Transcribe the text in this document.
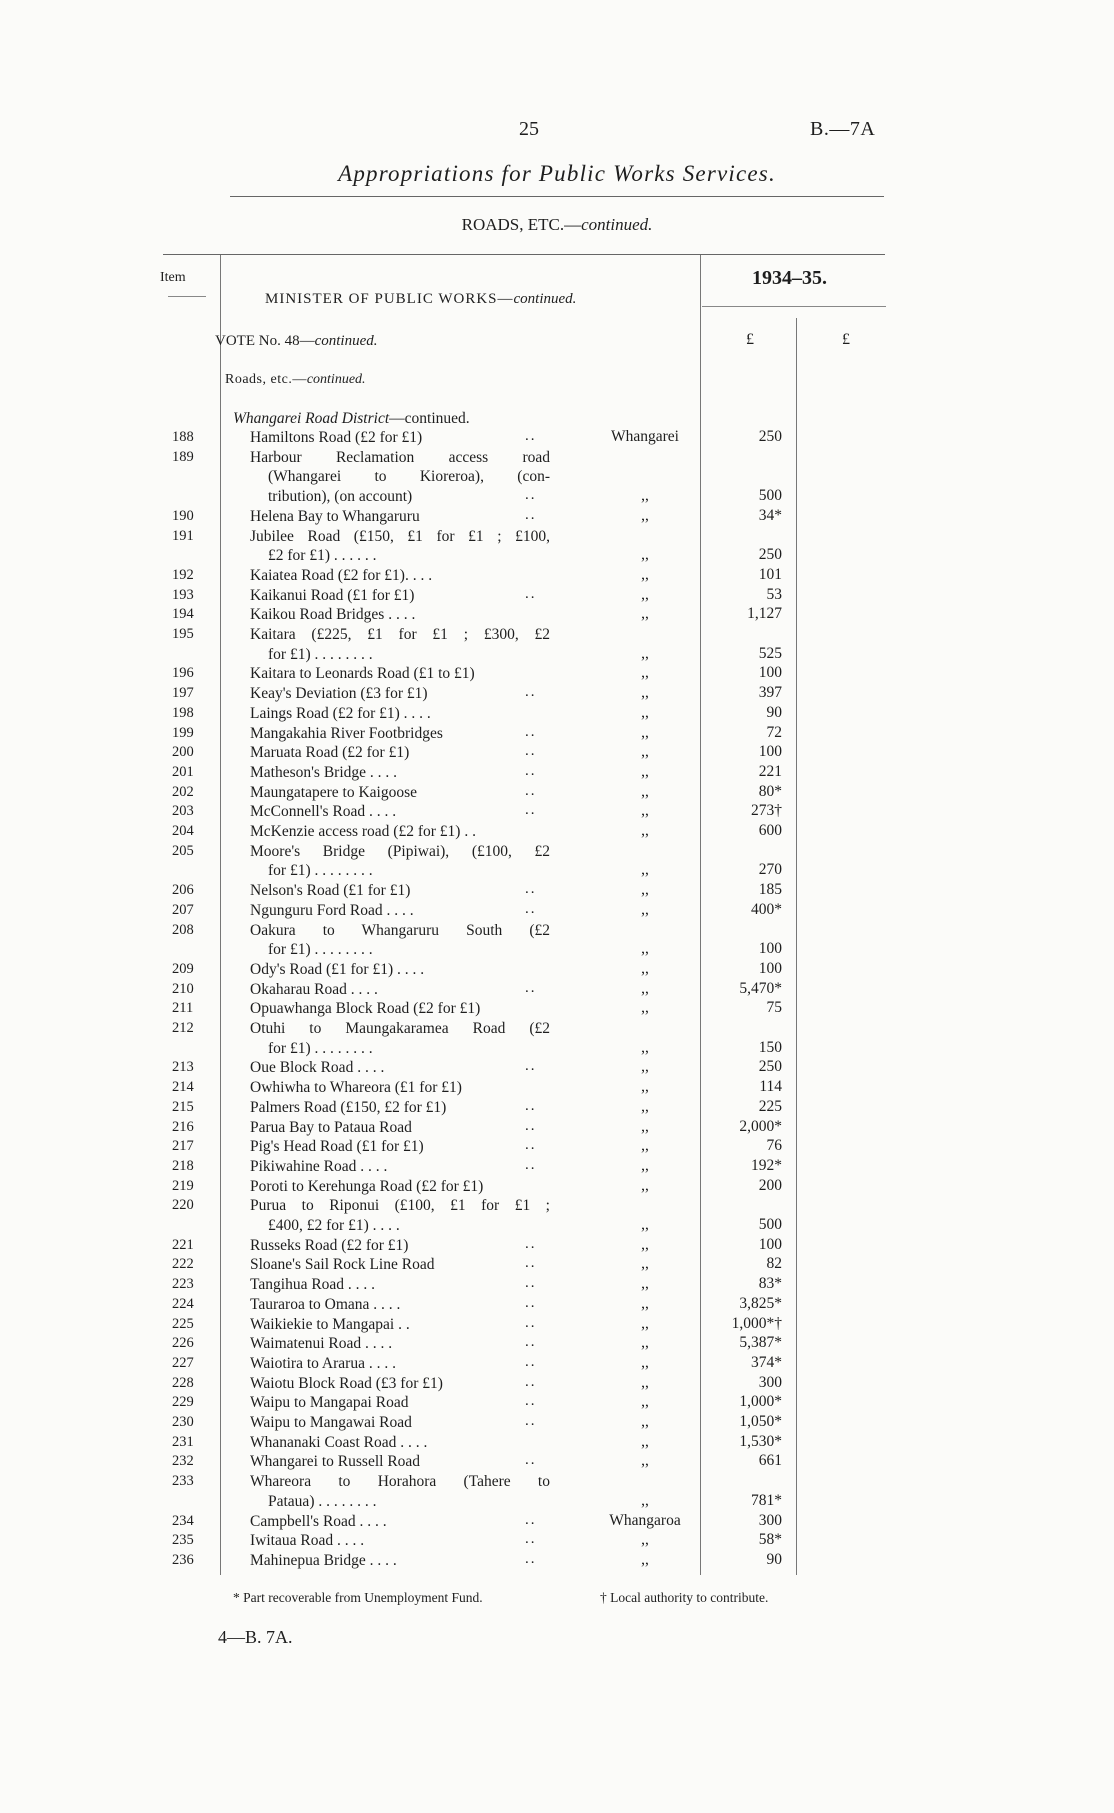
25	B.—7A
Appropriations for Public Works Services.
ROADS, ETC.—continued.
Item	1934–35.
MINISTER OF PUBLIC WORKS—continued.
VOTE No. 48—continued.	£	£
Roads, etc.—continued.
Whangarei Road District—continued.
188	Hamiltons Road (£2 for £1)	..	Whangarei	250
189	Harbour Reclamation access road
(Whangarei to Kioreroa), (con-
tribution), (on account)	..	,,	500
190	Helena Bay to Whangaruru	..	,,	34*
191	Jubilee Road (£150, £1 for £1 ; £100,
£2 for £1) . . . . . .	,,	250
192	Kaiatea Road (£2 for £1). . . .	,,	101
193	Kaikanui Road (£1 for £1)	..	,,	53
194	Kaikou Road Bridges . . . .	,,	1,127
195	Kaitara (£225, £1 for £1 ; £300, £2
for £1) . . . . . . . .	,,	525
196	Kaitara to Leonards Road (£1 to £1)	,,	100
197	Keay's Deviation (£3 for £1)	..	,,	397
198	Laings Road (£2 for £1) . . . .	,,	90
199	Mangakahia River Footbridges	..	,,	72
200	Maruata Road (£2 for £1)	..	,,	100
201	Matheson's Bridge . . . .	..	,,	221
202	Maungatapere to Kaigoose	..	,,	80*
203	McConnell's Road . . . .	..	,,	273†
204	McKenzie access road (£2 for £1) . .	,,	600
205	Moore's Bridge (Pipiwai), (£100, £2
for £1) . . . . . . . .	,,	270
206	Nelson's Road (£1 for £1)	..	,,	185
207	Ngunguru Ford Road . . . .	..	,,	400*
208	Oakura to Whangaruru South (£2
for £1) . . . . . . . .	,,	100
209	Ody's Road (£1 for £1) . . . .	,,	100
210	Okaharau Road . . . .	..	,,	5,470*
211	Opuawhanga Block Road (£2 for £1)	,,	75
212	Otuhi to Maungakaramea Road (£2
for £1) . . . . . . . .	,,	150
213	Oue Block Road . . . .	..	,,	250
214	Owhiwha to Whareora (£1 for £1)	,,	114
215	Palmers Road (£150, £2 for £1)	..	,,	225
216	Parua Bay to Pataua Road	..	,,	2,000*
217	Pig's Head Road (£1 for £1)	..	,,	76
218	Pikiwahine Road . . . .	..	,,	192*
219	Poroti to Kerehunga Road (£2 for £1)	,,	200
220	Purua to Riponui (£100, £1 for £1 ;
£400, £2 for £1) . . . .	,,	500
221	Russeks Road (£2 for £1)	..	,,	100
222	Sloane's Sail Rock Line Road	..	,,	82
223	Tangihua Road . . . .	..	,,	83*
224	Tauraroa to Omana . . . .	..	,,	3,825*
225	Waikiekie to Mangapai . .	..	,,	1,000*†
226	Waimatenui Road . . . .	..	,,	5,387*
227	Waiotira to Ararua . . . .	..	,,	374*
228	Waiotu Block Road (£3 for £1)	..	,,	300
229	Waipu to Mangapai Road	..	,,	1,000*
230	Waipu to Mangawai Road	..	,,	1,050*
231	Whananaki Coast Road . . . .	,,	1,530*
232	Whangarei to Russell Road	..	,,	661
233	Whareora to Horahora (Tahere to
Pataua) . . . . . . . .	,,	781*
234	Campbell's Road . . . .	..	Whangaroa	300
235	Iwitaua Road . . . .	..	,,	58*
236	Mahinepua Bridge . . . .	..	,,	90
* Part recoverable from Unemployment Fund.	† Local authority to contribute.
4—B. 7A.
